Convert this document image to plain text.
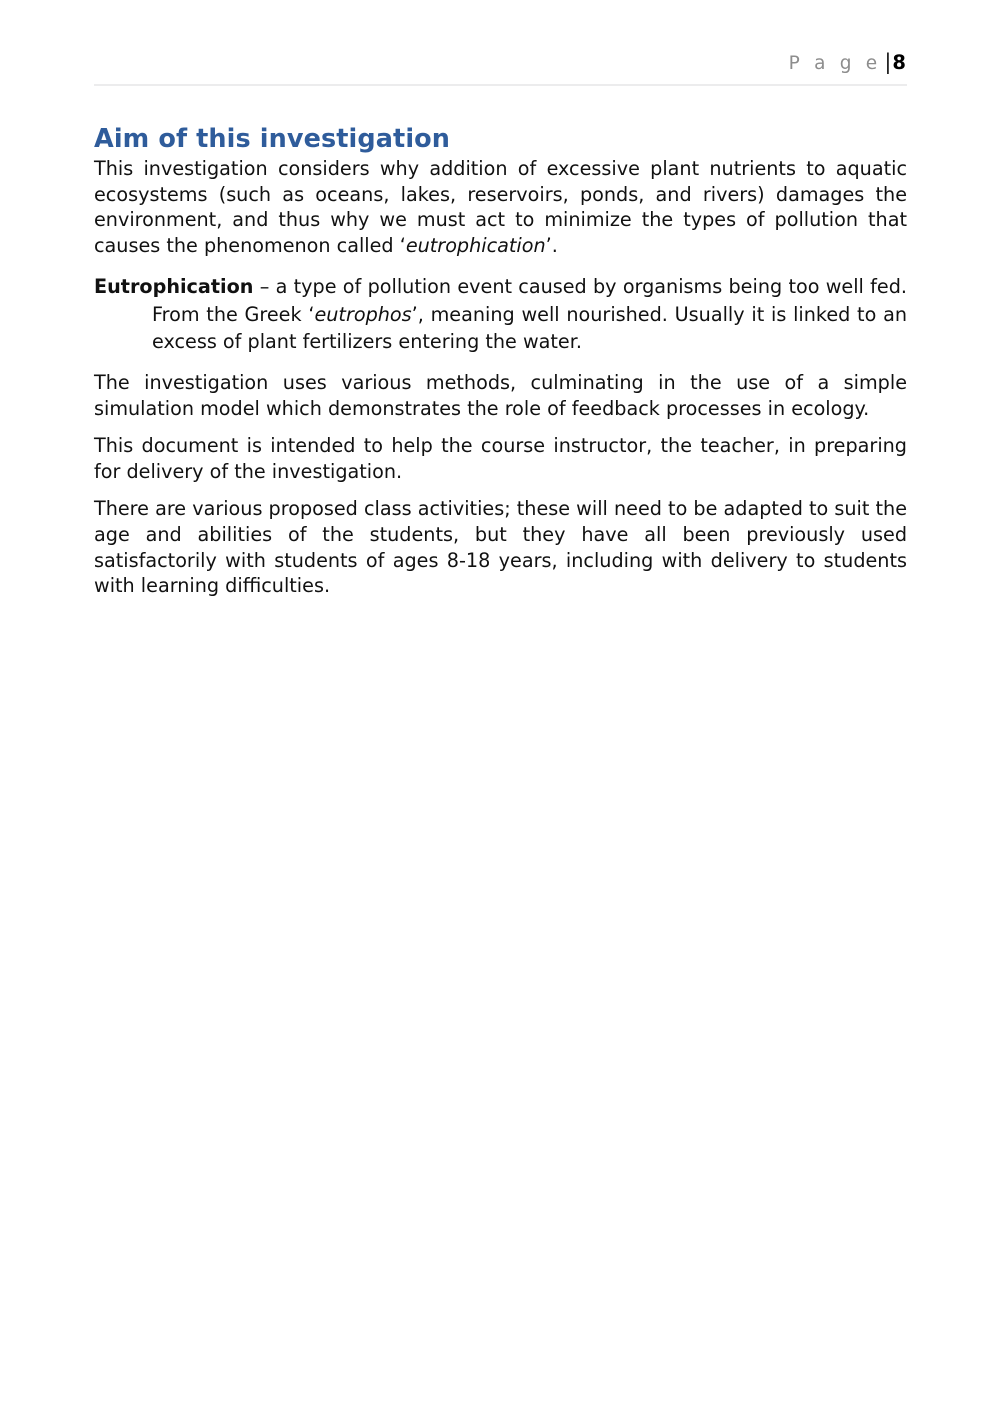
P a g e | 8
Aim of this investigation

This investigation considers why addition of excessive plant nutrients to aquatic ecosystems (such as oceans, lakes, reservoirs, ponds, and rivers) damages the environment, and thus why we must act to minimize the types of pollution that causes the phenomenon called ‘eutrophication’.

Eutrophication – a type of pollution event caused by organisms being too well fed. From the Greek ‘eutrophos’, meaning well nourished. Usually it is linked to an excess of plant fertilizers entering the water.

The investigation uses various methods, culminating in the use of a simple simulation model which demonstrates the role of feedback processes in ecology.

This document is intended to help the course instructor, the teacher, in preparing for delivery of the investigation.

There are various proposed class activities; these will need to be adapted to suit the age and abilities of the students, but they have all been previously used satisfactorily with students of ages 8-18 years, including with delivery to students with learning difficulties.
